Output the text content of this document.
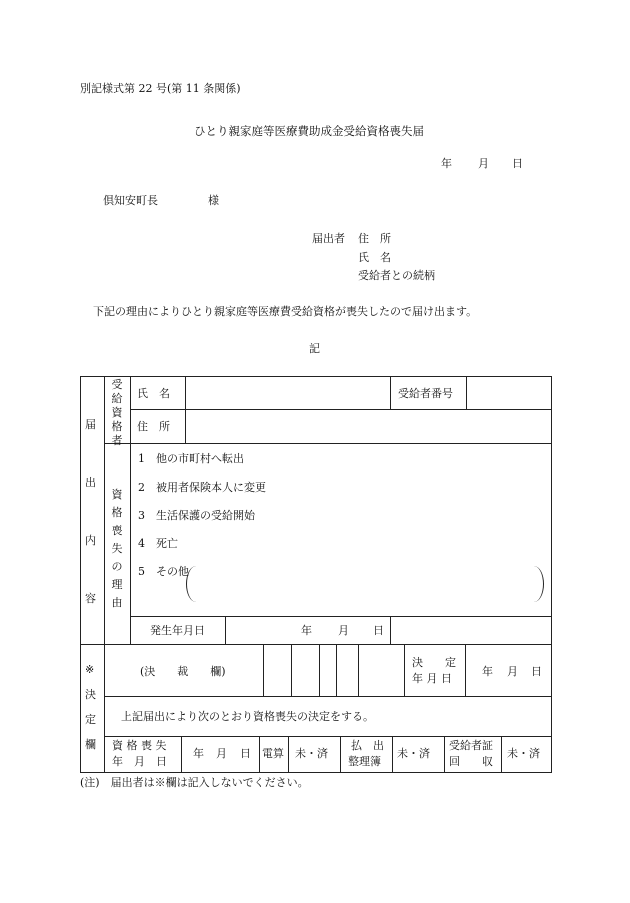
別記様式第 22 号(第 11 条関係)
ひとり親家庭等医療費助成金受給資格喪失届
年 月 日
倶知安町長	様
届出者 住　所
氏　名
受給者との続柄
下記の理由によりひとり親家庭等医療費受給資格が喪失したので届け出ます。
記
届
出
内
容
受
給
資
格
者
氏　名
住　所
受給者番号
資
格
喪
失
の
理
由
1　他の市町村へ転出
2　被用者保険本人に変更
3　生活保護の受給開始
4　死亡
5　その他
発生年月日	年 月 日
※
決
定
欄
(決　　裁　　欄)
決　　定
年 月 日
年 月 日
上記届出により次のとおり資格喪失の決定をする。
資 格 喪 失
年　月　日
年 月 日 電算 未・済
払　出
整理簿
未・済
受給者証
回　　収
未・済
(注)　届出者は※欄は記入しないでください。
